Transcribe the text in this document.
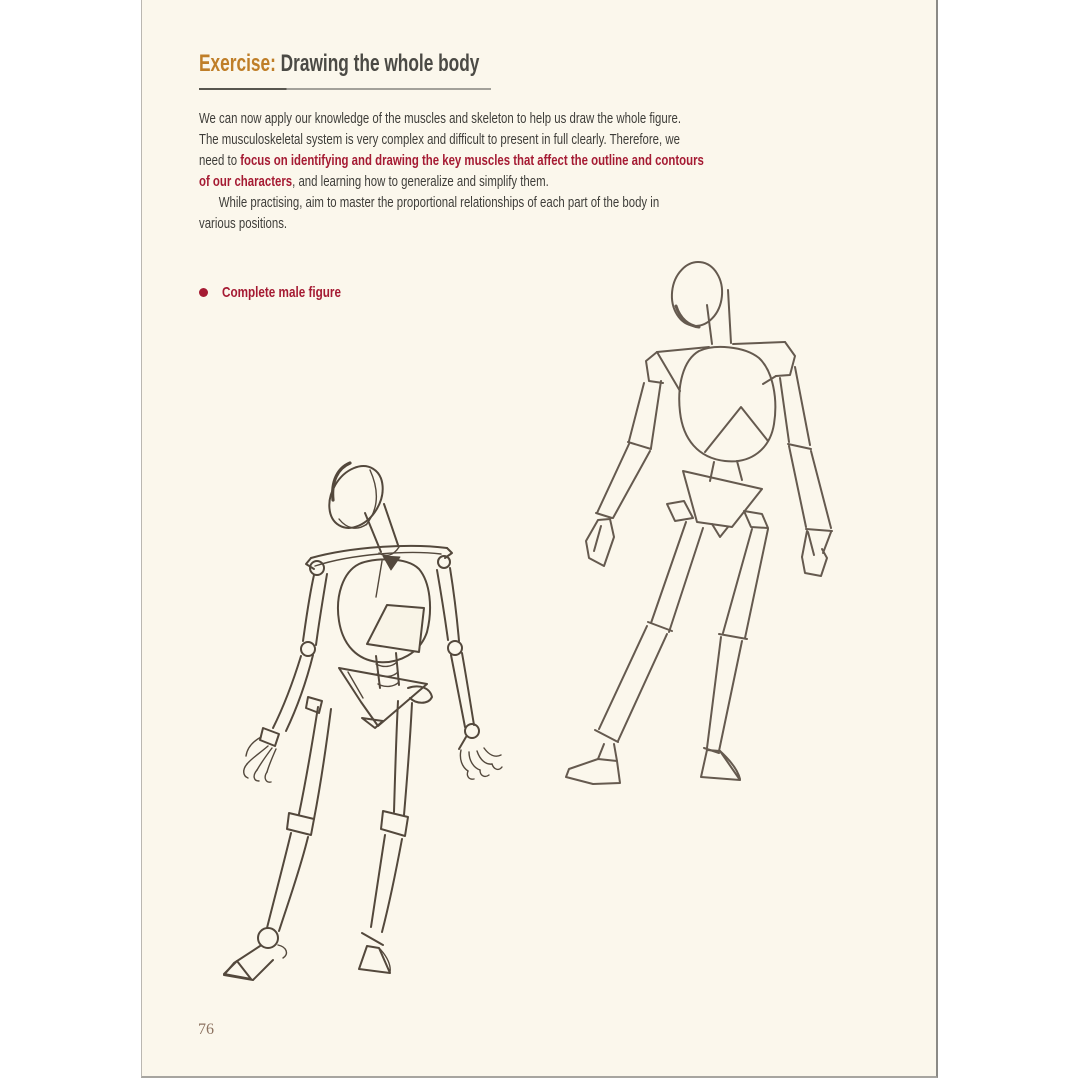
Exercise: Drawing the whole body
We can now apply our knowledge of the muscles and skeleton to help us draw the whole figure.
The musculoskeletal system is very complex and difficult to present in full clearly. Therefore, we
need to focus on identifying and drawing the key muscles that affect the outline and contours
of our characters, and learning how to generalize and simplify them.
While practising, aim to master the proportional relationships of each part of the body in
various positions.
Complete male figure
76
